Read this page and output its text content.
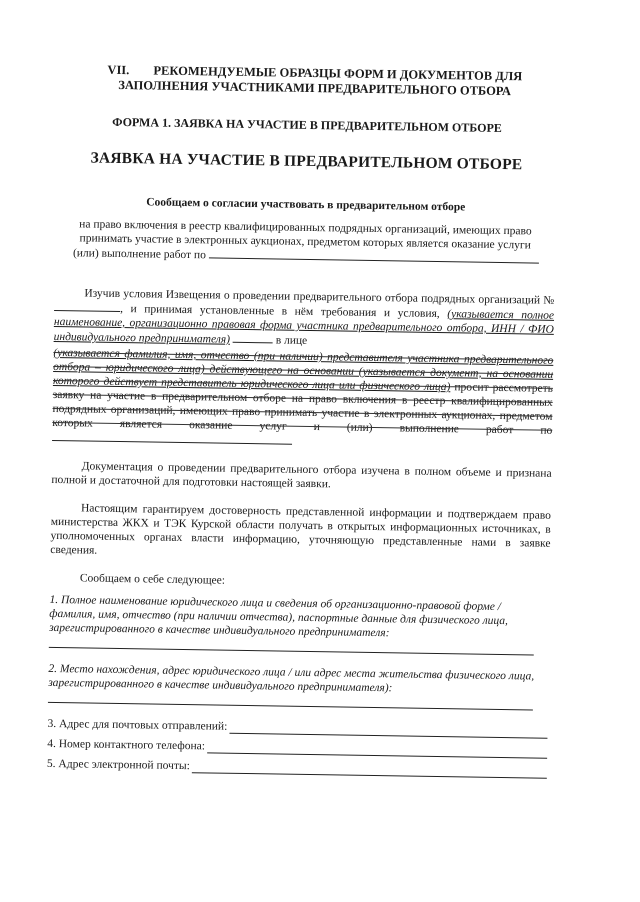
VII. РЕКОМЕНДУЕМЫЕ ОБРАЗЦЫ ФОРМ И ДОКУМЕНТОВ ДЛЯ
ЗАПОЛНЕНИЯ УЧАСТНИКАМИ ПРЕДВАРИТЕЛЬНОГО ОТБОРА
ФОРМА 1. ЗАЯВКА НА УЧАСТИЕ В ПРЕДВАРИТЕЛЬНОМ ОТБОРЕ
ЗАЯВКА НА УЧАСТИЕ В ПРЕДВАРИТЕЛЬНОМ ОТБОРЕ
Сообщаем о согласии участвовать в предварительном отборе

на право включения в реестр квалифицированных подрядных организаций, имеющих право

принимать участие в электронных аукционах, предметом которых является оказание услуги

(или) выполнение работ по

Изучив условия Извещения о проведении предварительного отбора подрядных организаций №, и принимая установленные в нём требования и условия, (указывается полное наименование, организационно правовая форма участника предварительного отбора, ИНН / ФИО индивидуального предпринимателя)	в лице

(указывается фамилия, имя, отчество (при наличии) представителя участника предварительного отбора – юридического лица) действующего на основании (указывается документ, на основании которого действует представитель юридического лица или физического лица) просит рассмотреть заявку на участие в предварительном отборе на право включения в реестр квалифицированных подрядных организаций, имеющих право принимать участие в электронных аукционах, предметом которых является оказание услуг и (или) выполнение работ по

Документация о проведении предварительного отбора изучена в полном объеме и признана полной и достаточной для подготовки настоящей заявки.

Настоящим гарантируем достоверность представленной информации и подтверждаем право министерства ЖКХ и ТЭК Курской области получать в открытых информационных источниках, в уполномоченных органах власти информацию, уточняющую представленные нами в заявке сведения.

Сообщаем о себе следующее:

1. Полное наименование юридического лица и сведения об организационно-правовой форме / фамилия, имя, отчество (при наличии отчества), паспортные данные для физического лица, зарегистрированного в качестве индивидуального предпринимателя:

2. Место нахождения, адрес юридического лица / или адрес места жительства физического лица, зарегистрированного в качестве индивидуального предпринимателя):

3. Адрес для почтовых отправлений:
4. Номер контактного телефона:
5. Адрес электронной почты:
